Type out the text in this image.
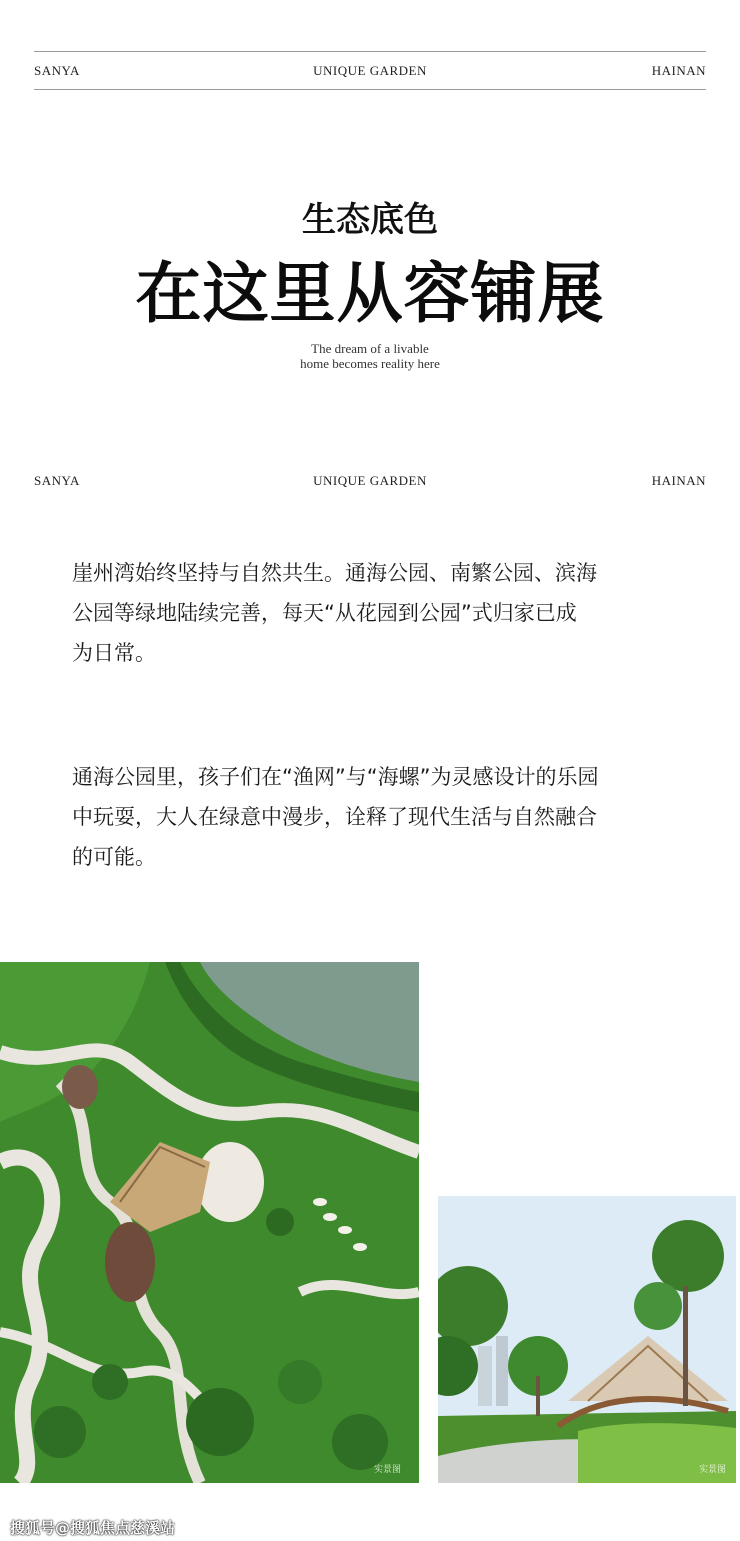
SANYA	UNIQUE GARDEN	HAINAN
生态底色
在这里从容铺展
The dream of a livable
home becomes reality here
SANYA	UNIQUE GARDEN	HAINAN
崖州湾始终坚持与自然共生。通海公园、南繁公园、滨海
公园等绿地陆续完善，每天“从花园到公园”式归家已成
为日常。
通海公园里，孩子们在“渔网”与“海螺”为灵感设计的乐园
中玩耍，大人在绿意中漫步，诠释了现代生活与自然融合
的可能。
实景图	实景图
搜狐号@搜狐焦点慈溪站
